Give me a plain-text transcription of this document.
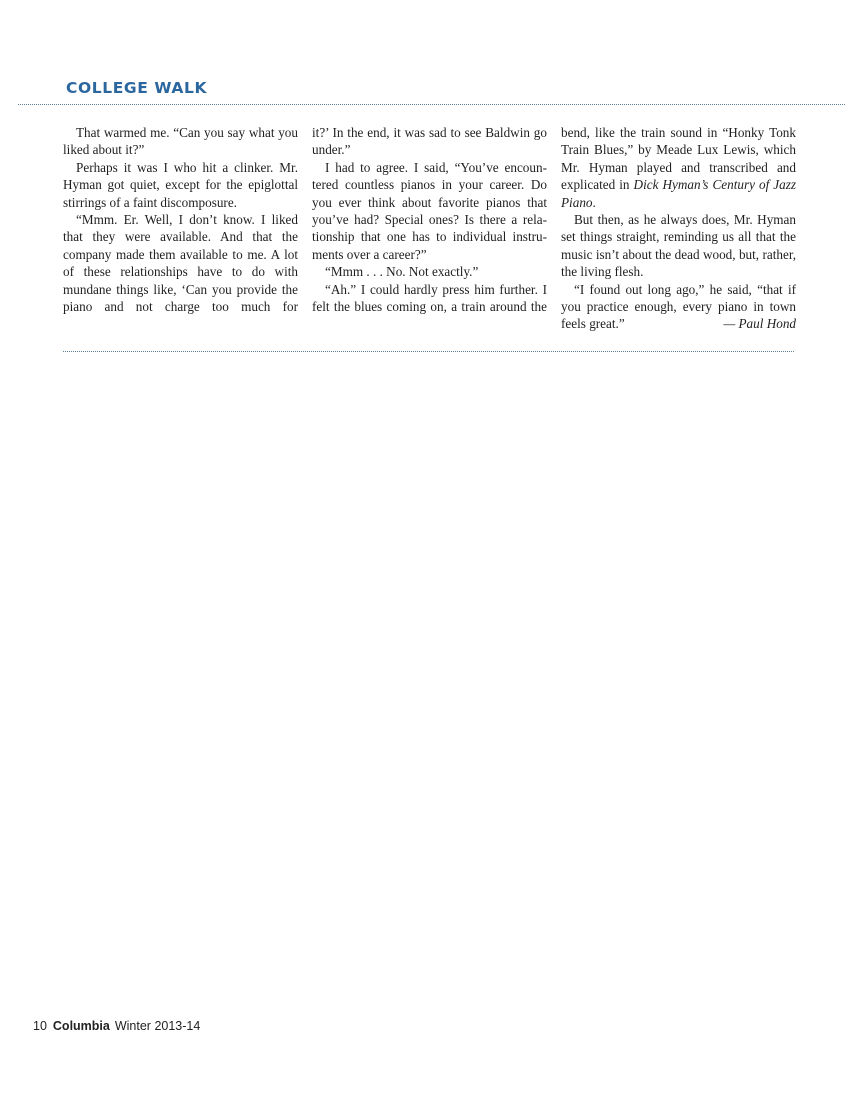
COLLEGE WALK

That warmed me. “Can you say what you liked about it?”

Perhaps it was I who hit a clinker. Mr. Hyman got quiet, except for the epiglottal stirrings of a faint discomposure.

“Mmm. Er. Well, I don’t know. I liked that they were available. And that the company made them available to me. A lot of these relationships have to do with mundane things like, ‘Can you provide the piano and not charge too much for

it?’ In the end, it was sad to see Baldwin go under.”

I had to agree. I said, “You’ve encountered countless pianos in your career. Do you ever think about favorite pianos that you’ve had? Special ones? Is there a relationship that one has to individual instruments over a career?”

“Mmm . . . No. Not exactly.”

“Ah.” I could hardly press him further. I felt the blues coming on, a train around the

bend, like the train sound in “Honky Tonk Train Blues,” by Meade Lux Lewis, which Mr. Hyman played and transcribed and explicated in Dick Hyman’s Century of Jazz Piano.

But then, as he always does, Mr. Hyman set things straight, reminding us all that the music isn’t about the dead wood, but, rather, the living flesh.

“I found out long ago,” he said, “that if you practice enough, every piano in town feels great.”	— Paul Hond

10 Columbia Winter 2013-14
